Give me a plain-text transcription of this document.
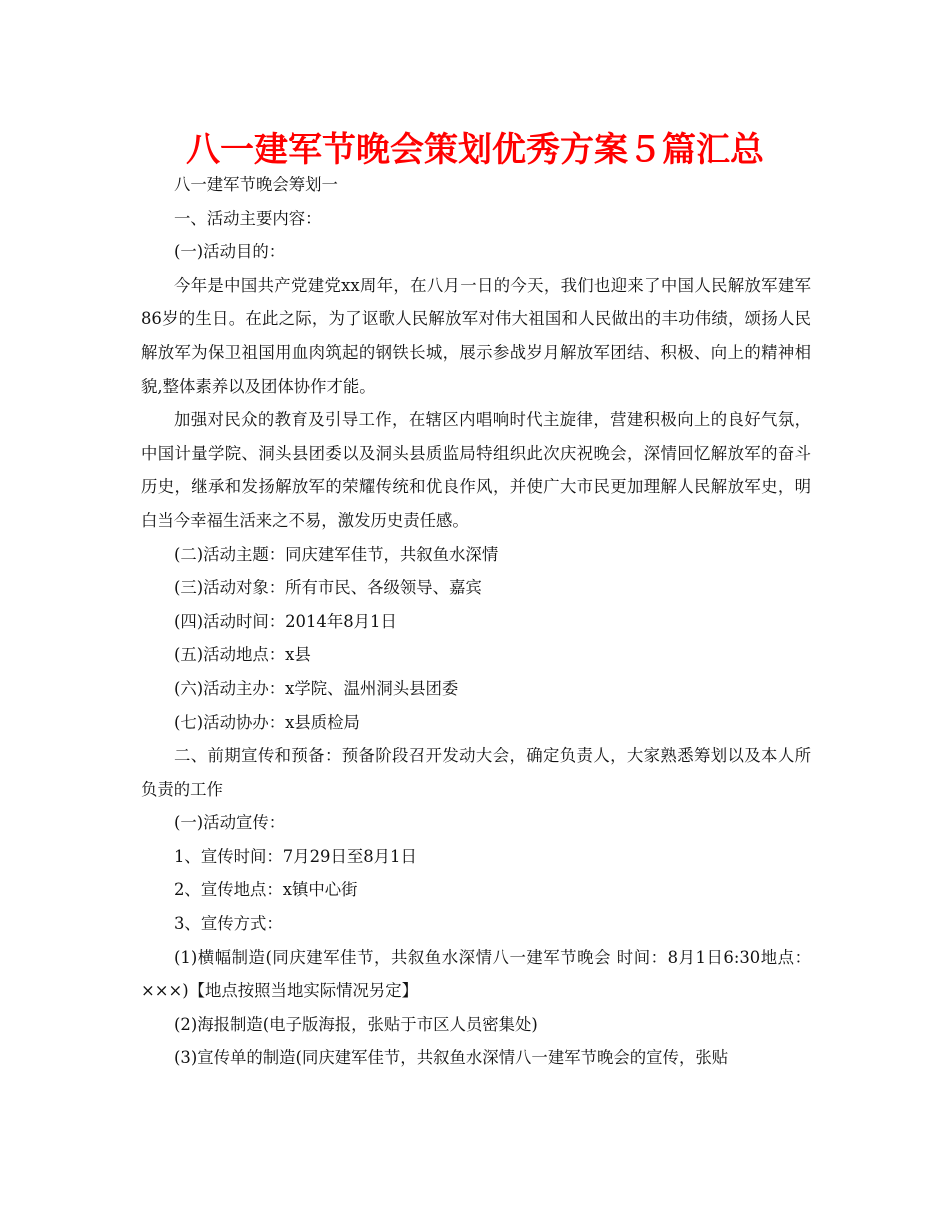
八一建军节晚会策划优秀方案５篇汇总

八一建军节晚会筹划一

一、活动主要内容：

(一)活动目的：

今年是中国共产党建党xx周年，在八月一日的今天，我们也迎来了中国人民解放军建军86岁的生日。在此之际，为了讴歌人民解放军对伟大祖国和人民做出的丰功伟绩，颂扬人民解放军为保卫祖国用血肉筑起的钢铁长城，展示参战岁月解放军团结、积极、向上的精神相貌,整体素养以及团体协作才能。

加强对民众的教育及引导工作，在辖区内唱响时代主旋律，营建积极向上的良好气氛，中国计量学院、洞头县团委以及洞头县质监局特组织此次庆祝晚会，深情回忆解放军的奋斗历史，继承和发扬解放军的荣耀传统和优良作风，并使广大市民更加理解人民解放军史，明白当今幸福生活来之不易，激发历史责任感。

(二)活动主题：同庆建军佳节，共叙鱼水深情

(三)活动对象：所有市民、各级领导、嘉宾

(四)活动时间：2014年8月1日

(五)活动地点：x县

(六)活动主办：x学院、温州洞头县团委

(七)活动协办：x县质检局

二、前期宣传和预备：预备阶段召开发动大会，确定负责人，大家熟悉筹划以及本人所负责的工作

(一)活动宣传：

1、宣传时间：7月29日至8月1日

2、宣传地点：x镇中心街

3、宣传方式：

(1)横幅制造(同庆建军佳节，共叙鱼水深情八一建军节晚会 时间：8月1日6:30地点：×××)【地点按照当地实际情况另定】

(2)海报制造(电子版海报，张贴于市区人员密集处)

(3)宣传单的制造(同庆建军佳节，共叙鱼水深情八一建军节晚会的宣传，张贴
